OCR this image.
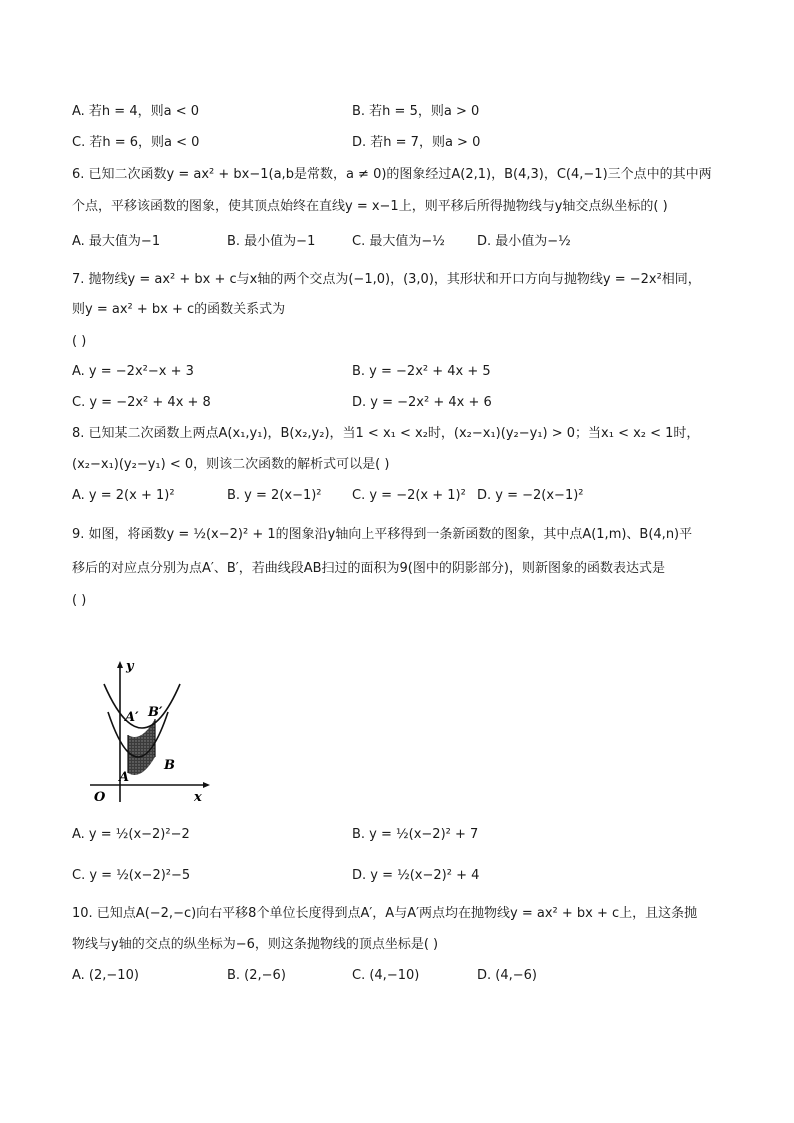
A. 若h = 4，则a < 0	B. 若h = 5，则a > 0
C. 若h = 6，则a < 0	D. 若h = 7，则a > 0
6. 已知二次函数y = ax² + bx−1(a,b是常数，a ≠ 0)的图象经过A(2,1)，B(4,3)，C(4,−1)三个点中的其中两
个点，平移该函数的图象，使其顶点始终在直线y = x−1上，则平移后所得抛物线与y轴交点纵坐标的( )
A. 最大值为−1	B. 最小值为−1	C. 最大值为−½ D. 最小值为−½
7. 抛物线y = ax² + bx + c与x轴的两个交点为(−1,0)，(3,0)，其形状和开口方向与抛物线y = −2x²相同，
则y = ax² + bx + c的函数关系式为
( )
A. y = −2x²−x + 3	B. y = −2x² + 4x + 5
C. y = −2x² + 4x + 8	D. y = −2x² + 4x + 6
8. 已知某二次函数上两点A(x₁,y₁)，B(x₂,y₂)，当1 < x₁ < x₂时，(x₂−x₁)(y₂−y₁) > 0；当x₁ < x₂ < 1时，
(x₂−x₁)(y₂−y₁) < 0，则该二次函数的解析式可以是( )
A. y = 2(x + 1)²	B. y = 2(x−1)² C. y = −2(x + 1)² D. y = −2(x−1)²
9. 如图，将函数y = ½(x−2)² + 1的图象沿y轴向上平移得到一条新函数的图象，其中点A(1,m)、B(4,n)平
移后的对应点分别为点A′、B′，若曲线段AB扫过的面积为9(图中的阴影部分)，则新图象的函数表达式是
( )
y
A′ B′
A
B
O	x
A. y = ½(x−2)²−2	B. y = ½(x−2)² + 7
C. y = ½(x−2)²−5	D. y = ½(x−2)² + 4
10. 已知点A(−2,−c)向右平移8个单位长度得到点A′，A与A′两点均在抛物线y = ax² + bx + c上，且这条抛
物线与y轴的交点的纵坐标为−6，则这条抛物线的顶点坐标是( )
A. (2,−10)	B. (2,−6)	C. (4,−10)	D. (4,−6)
